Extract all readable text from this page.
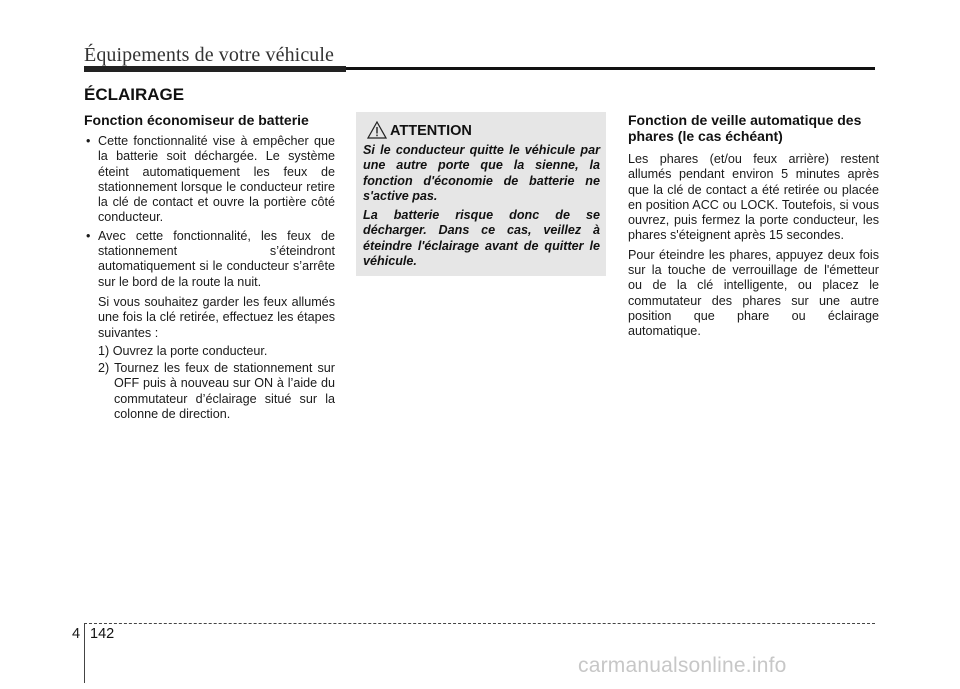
Équipements de votre véhicule
ÉCLAIRAGE
Fonction économiseur de batterie
• Cette fonctionnalité vise à empêcher que la batterie soit déchargée. Le système éteint automatiquement les feux de stationnement lorsque le conducteur retire la clé de contact et ouvre la portière côté conducteur.
• Avec cette fonctionnalité, les feux de stationnement s’éteindront automatiquement si le conducteur s’arrête sur le bord de la route la nuit.
Si vous souhaitez garder les feux allumés une fois la clé retirée, effectuez les étapes suivantes :
1) Ouvrez la porte conducteur.
2) Tournez les feux de stationnement sur OFF puis à nouveau sur ON à l’aide du commutateur d’éclairage situé sur la colonne de direction.
ATTENTION

Si le conducteur quitte le véhicule par une autre porte que la sienne, la fonction d'économie de batterie ne s'active pas.

La batterie risque donc de se décharger. Dans ce cas, veillez à éteindre l'éclairage avant de quitter le véhicule.

Fonction de veille automatique des phares (le cas échéant)

Les phares (et/ou feux arrière) restent allumés pendant environ 5 minutes après que la clé de contact a été retirée ou placée en position ACC ou LOCK. Toutefois, si vous ouvrez, puis fermez la porte conducteur, les phares s'éteignent après 15 secondes.

Pour éteindre les phares, appuyez deux fois sur la touche de verrouillage de l'émetteur ou de la clé intelligente, ou placez le commutateur des phares sur une autre position que phare ou éclairage automatique.

4 142
carmanualsonline.info
